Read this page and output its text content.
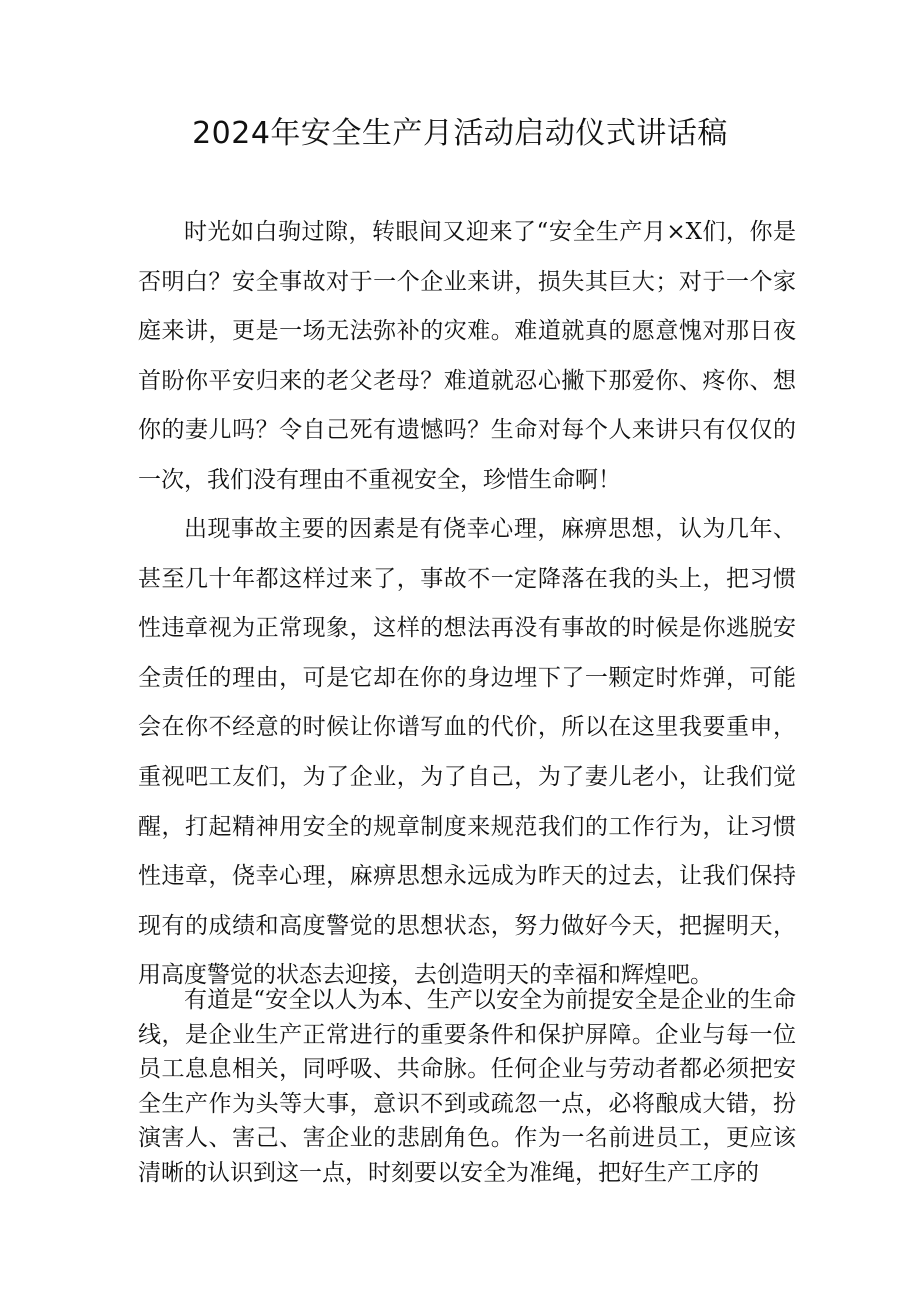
2024年安全生产月活动启动仪式讲话稿

时光如白驹过隙，转眼间又迎来了“安全生产月×X们，你是否明白？安全事故对于一个企业来讲，损失其巨大；对于一个家庭来讲，更是一场无法弥补的灾难。难道就真的愿意愧对那日夜首盼你平安归来的老父老母？难道就忍心撇下那爱你、疼你、想你的妻儿吗？令自己死有遗憾吗？生命对每个人来讲只有仅仅的一次，我们没有理由不重视安全，珍惜生命啊！

出现事故主要的因素是有侥幸心理，麻痹思想，认为几年、甚至几十年都这样过来了，事故不一定降落在我的头上，把习惯性违章视为正常现象，这样的想法再没有事故的时候是你逃脱安全责任的理由，可是它却在你的身边埋下了一颗定时炸弹，可能会在你不经意的时候让你谱写血的代价，所以在这里我要重申，重视吧工友们，为了企业，为了自己，为了妻儿老小，让我们觉醒，打起精神用安全的规章制度来规范我们的工作行为，让习惯性违章，侥幸心理，麻痹思想永远成为昨天的过去，让我们保持现有的成绩和高度警觉的思想状态，努力做好今天，把握明天，用高度警觉的状态去迎接，去创造明天的幸福和辉煌吧。

有道是“安全以人为本、生产以安全为前提安全是企业的生命线，是企业生产正常进行的重要条件和保护屏障。企业与每一位员工息息相关，同呼吸、共命脉。任何企业与劳动者都必须把安全生产作为头等大事，意识不到或疏忽一点，必将酿成大错，扮演害人、害己、害企业的悲剧角色。作为一名前进员工，更应该清晰的认识到这一点，时刻要以安全为准绳，把好生产工序的
